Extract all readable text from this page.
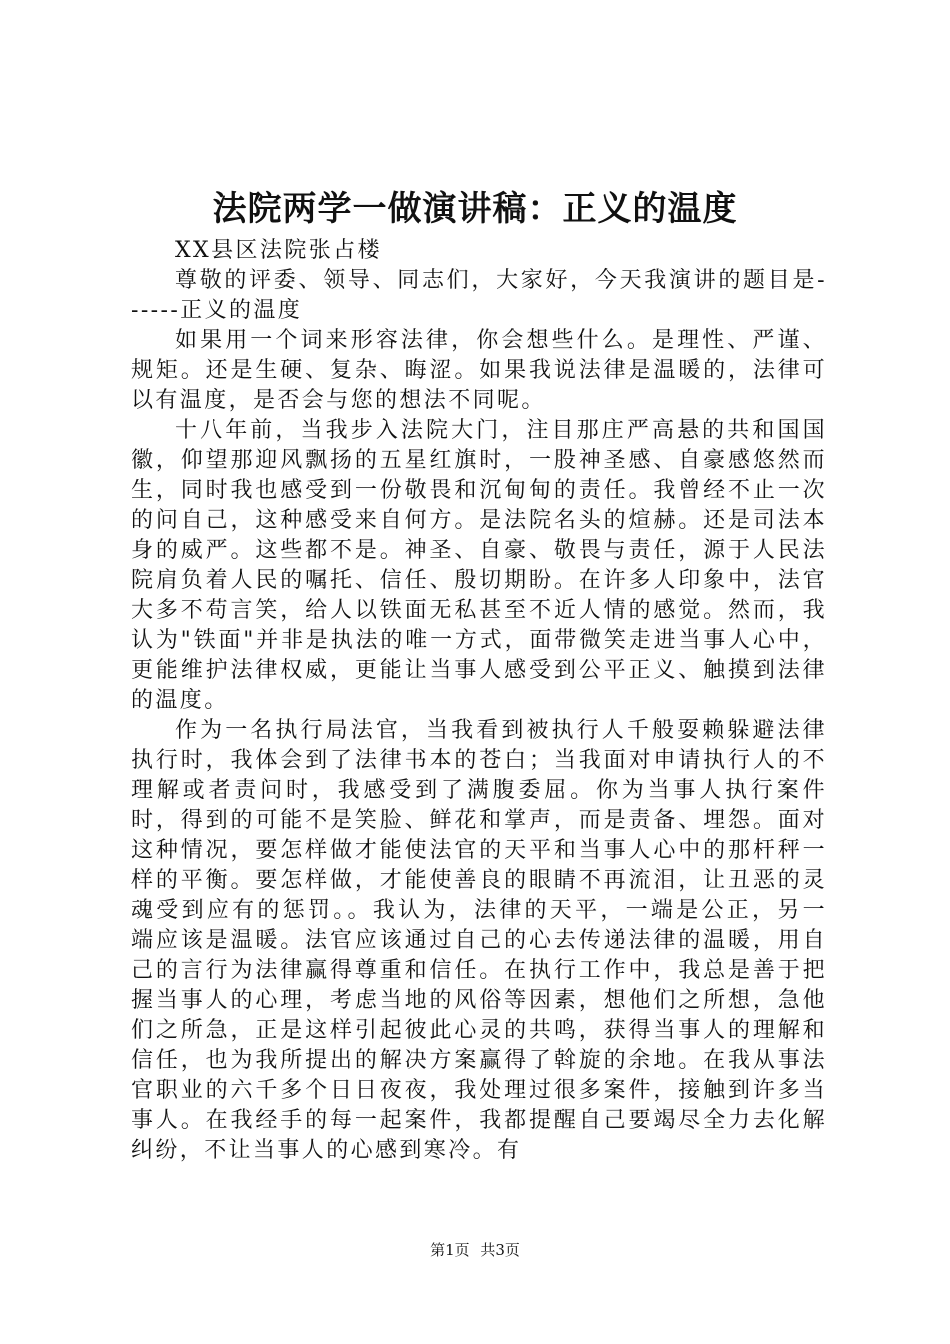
法院两学一做演讲稿：正义的温度

XX县区法院张占楼

尊敬的评委、领导、同志们，大家好，今天我演讲的题目是------正义的温度

如果用一个词来形容法律，你会想些什么。是理性、严谨、规矩。还是生硬、复杂、晦涩。如果我说法律是温暖的，法律可以有温度，是否会与您的想法不同呢。

十八年前，当我步入法院大门，注目那庄严高悬的共和国国徽，仰望那迎风飘扬的五星红旗时，一股神圣感、自豪感悠然而生，同时我也感受到一份敬畏和沉甸甸的责任。我曾经不止一次的问自己，这种感受来自何方。是法院名头的煊赫。还是司法本身的威严。这些都不是。神圣、自豪、敬畏与责任，源于人民法院肩负着人民的嘱托、信任、殷切期盼。在许多人印象中，法官大多不苟言笑，给人以铁面无私甚至不近人情的感觉。然而，我认为"铁面"并非是执法的唯一方式，面带微笑走进当事人心中，更能维护法律权威，更能让当事人感受到公平正义、触摸到法律的温度。

作为一名执行局法官，当我看到被执行人千般耍赖躲避法律执行时，我体会到了法律书本的苍白；当我面对申请执行人的不理解或者责问时，我感受到了满腹委屈。你为当事人执行案件时，得到的可能不是笑脸、鲜花和掌声，而是责备、埋怨。面对这种情况，要怎样做才能使法官的天平和当事人心中的那杆秤一样的平衡。要怎样做，才能使善良的眼睛不再流泪，让丑恶的灵魂受到应有的惩罚。。我认为，法律的天平，一端是公正，另一端应该是温暖。法官应该通过自己的心去传递法律的温暖，用自己的言行为法律赢得尊重和信任。在执行工作中，我总是善于把握当事人的心理，考虑当地的风俗等因素，想他们之所想，急他们之所急，正是这样引起彼此心灵的共鸣，获得当事人的理解和信任，也为我所提出的解决方案赢得了斡旋的余地。在我从事法官职业的六千多个日日夜夜，我处理过很多案件，接触到许多当事人。在我经手的每一起案件，我都提醒自己要竭尽全力去化解纠纷，不让当事人的心感到寒冷。有

第1页 共3页
